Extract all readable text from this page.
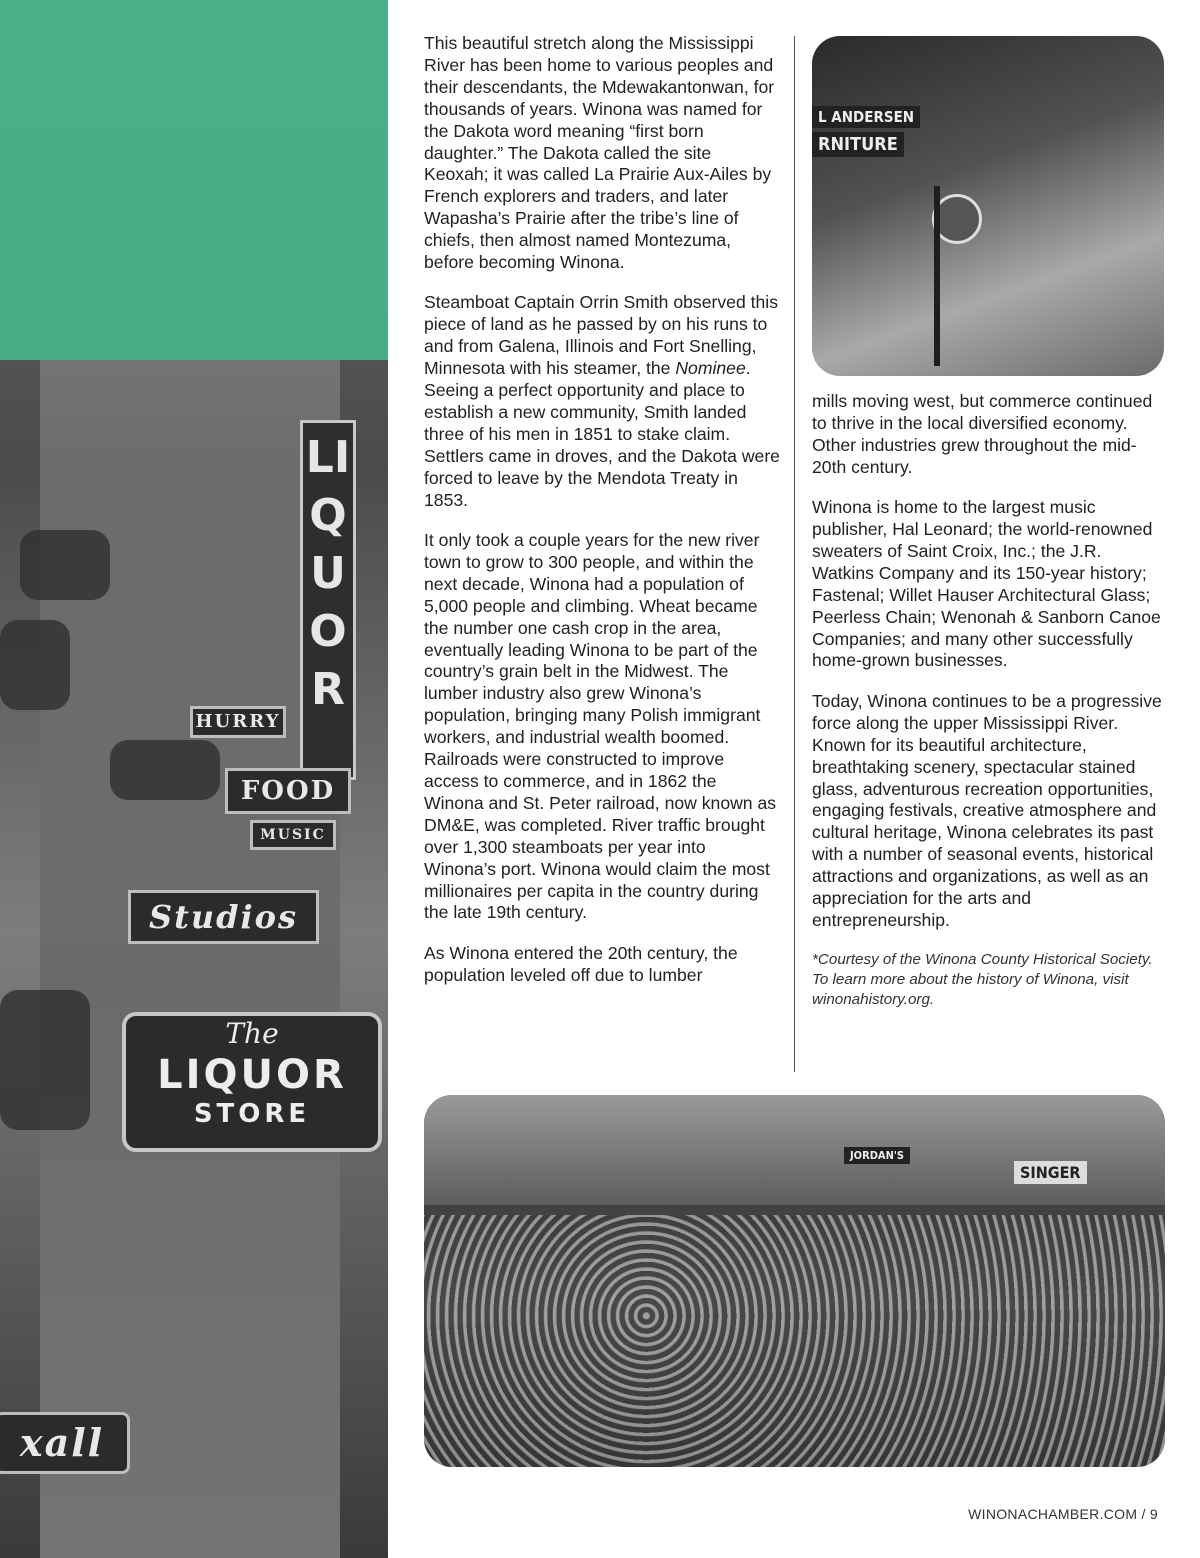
LIQUOR
HURRY
FOOD
MUSIC
Studios
The
LIQUOR
STORE
xall

This beautiful stretch along the Mississippi River has been home to various peoples and their descendants, the Mdewakantonwan, for thousands of years. Winona was named for the Dakota word meaning “first born daughter.” The Dakota called the site Keoxah; it was called La Prairie Aux-Ailes by French explorers and traders, and later Wapasha’s Prairie after the tribe’s line of chiefs, then almost named Montezuma, before becoming Winona.

Steamboat Captain Orrin Smith observed this piece of land as he passed by on his runs to and from Galena, Illinois and Fort Snelling, Minnesota with his steamer, the Nominee. Seeing a perfect opportunity and place to establish a new community, Smith landed three of his men in 1851 to stake claim. Settlers came in droves, and the Dakota were forced to leave by the Mendota Treaty in 1853.

It only took a couple years for the new river town to grow to 300 people, and within the next decade, Winona had a population of 5,000 people and climbing. Wheat became the number one cash crop in the area, eventually leading Winona to be part of the country’s grain belt in the Midwest. The lumber industry also grew Winona’s population, bringing many Polish immigrant workers, and industrial wealth boomed. Railroads were constructed to improve access to commerce, and in 1862 the Winona and St. Peter railroad, now known as DM&E, was completed. River traffic brought over 1,300 steamboats per year into Winona’s port. Winona would claim the most millionaires per capita in the country during the late 19th century.

As Winona entered the 20th century, the population leveled off due to lumber

L ANDERSEN
RNITURE

mills moving west, but commerce continued to thrive in the local diversified economy. Other industries grew throughout the mid-20th century.

Winona is home to the largest music publisher, Hal Leonard; the world-renowned sweaters of Saint Croix, Inc.; the J.R. Watkins Company and its 150-year history; Fastenal; Willet Hauser Architectural Glass; Peerless Chain; Wenonah & Sanborn Canoe Companies; and many other successfully home-grown businesses.

Today, Winona continues to be a progressive force along the upper Mississippi River. Known for its beautiful architecture, breathtaking scenery, spectacular stained glass, adventurous recreation opportunities, engaging festivals, creative atmosphere and cultural heritage, Winona celebrates its past with a number of seasonal events, historical attractions and organizations, as well as an appreciation for the arts and entrepreneurship.

*Courtesy of the Winona County Historical Society. To learn more about the history of Winona, visit winonahistory.org.

JORDAN'S
SINGER
WINONACHAMBER.COM / 9
